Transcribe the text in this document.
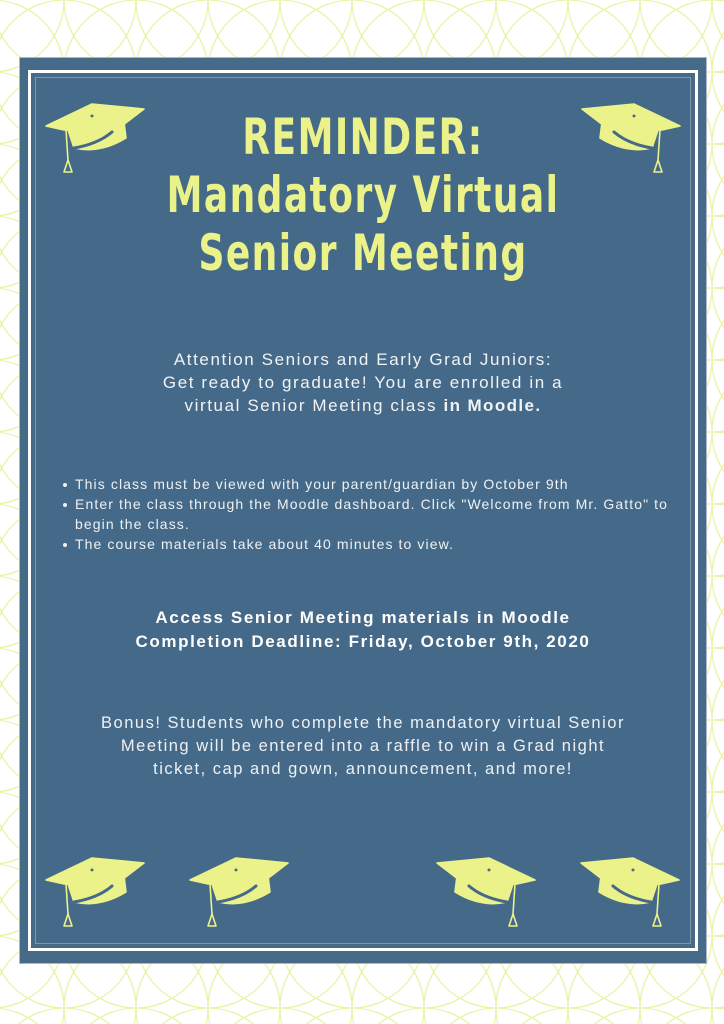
REMINDER:
Mandatory Virtual
Senior Meeting
Attention Seniors and Early Grad Juniors:
Get ready to graduate! You are enrolled in a
virtual Senior Meeting class in Moodle.
This class must be viewed with your parent/guardian by October 9th
Enter the class through the Moodle dashboard. Click "Welcome from Mr. Gatto" to begin the class.
The course materials take about 40 minutes to view.
Access Senior Meeting materials in Moodle
Completion Deadline: Friday, October 9th, 2020
Bonus! Students who complete the mandatory virtual Senior
Meeting will be entered into a raffle to win a Grad night
ticket, cap and gown, announcement, and more!
